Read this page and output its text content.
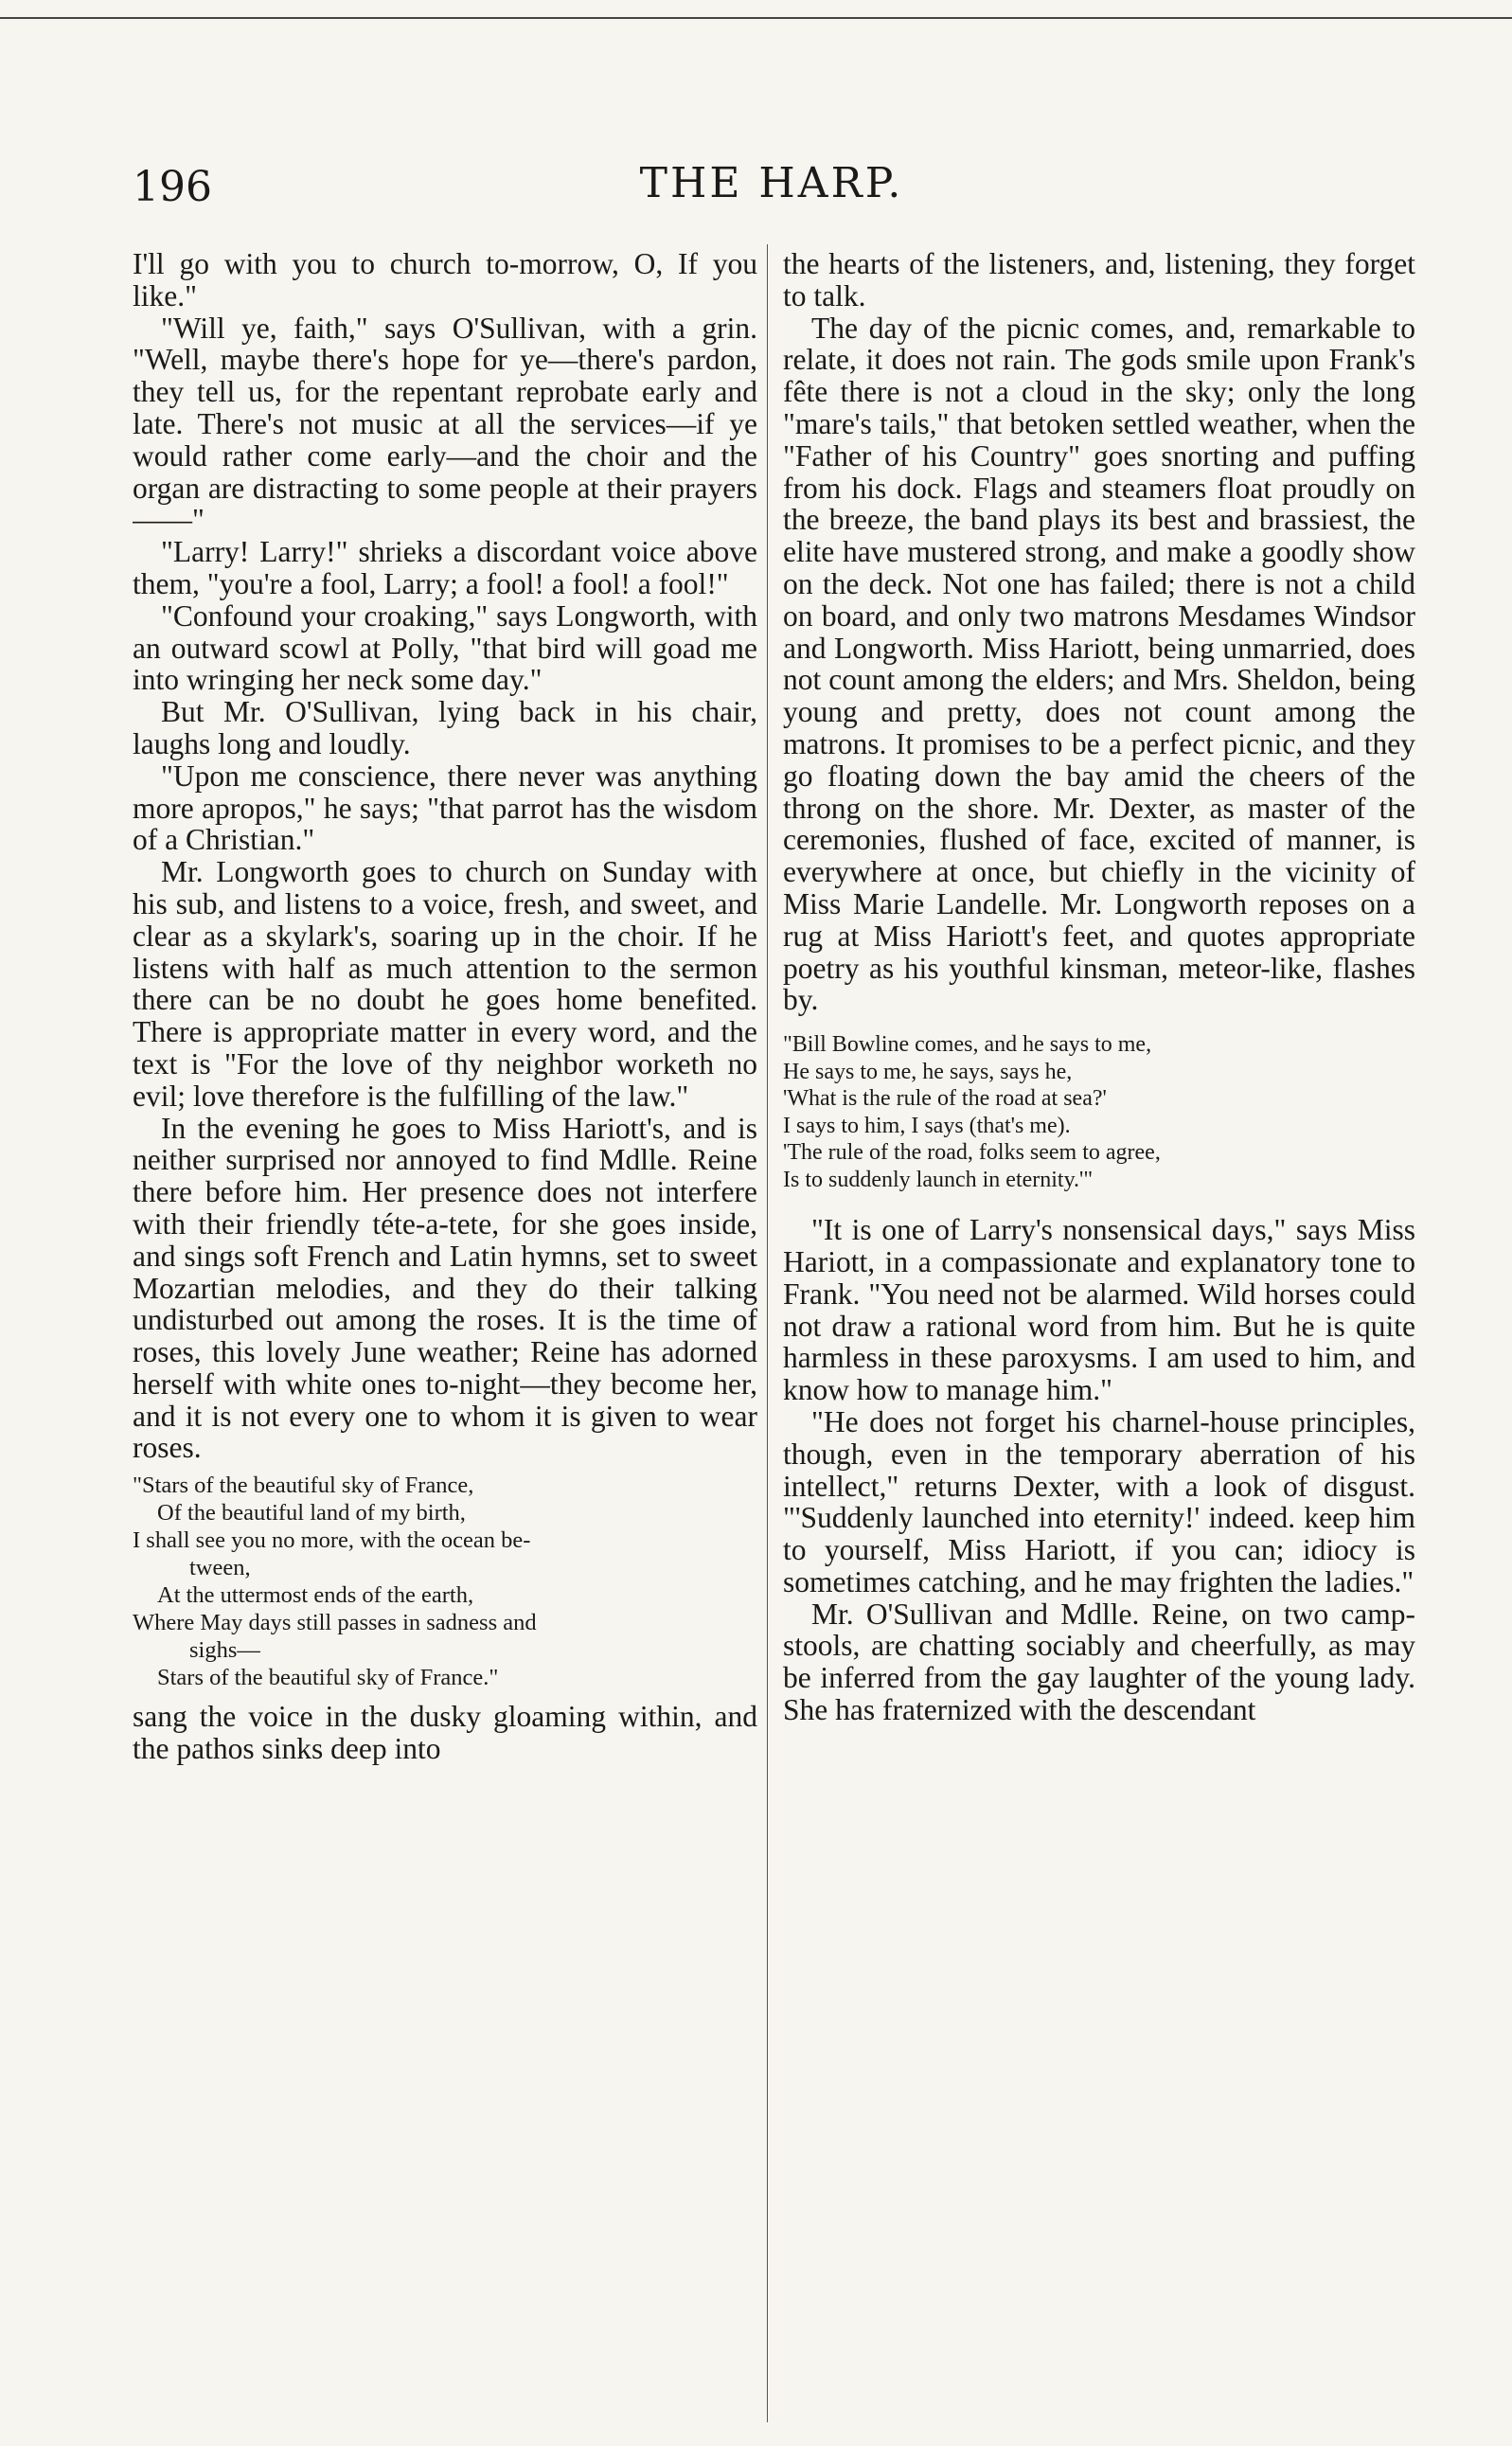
196	THE HARP.

I'll go with you to church to-morrow, O, If you like."

"Will ye, faith," says O'Sullivan, with a grin. "Well, maybe there's hope for ye—there's pardon, they tell us, for the repentant reprobate early and late. There's not music at all the services—if ye would rather come early—and the choir and the organ are distracting to some people at their prayers ——"

"Larry! Larry!" shrieks a discordant voice above them, "you're a fool, Larry; a fool! a fool! a fool!"

"Confound your croaking," says Longworth, with an outward scowl at Polly, "that bird will goad me into wringing her neck some day."

But Mr. O'Sullivan, lying back in his chair, laughs long and loudly.

"Upon me conscience, there never was anything more apropos," he says; "that parrot has the wisdom of a Christian."

Mr. Longworth goes to church on Sunday with his sub, and listens to a voice, fresh, and sweet, and clear as a skylark's, soaring up in the choir. If he listens with half as much attention to the sermon there can be no doubt he goes home benefited. There is appropriate matter in every word, and the text is "For the love of thy neighbor worketh no evil; love therefore is the fulfilling of the law."

In the evening he goes to Miss Hariott's, and is neither surprised nor annoyed to find Mdlle. Reine there before him. Her presence does not interfere with their friendly téte-a-tete, for she goes inside, and sings soft French and Latin hymns, set to sweet Mozartian melodies, and they do their talking undisturbed out among the roses. It is the time of roses, this lovely June weather; Reine has adorned herself with white ones to-night—they become her, and it is not every one to whom it is given to wear roses.

"Stars of the beautiful sky of France,
Of the beautiful land of my birth,
I shall see you no more, with the ocean be-
tween,
At the uttermost ends of the earth,
Where May days still passes in sadness and
sighs—
Stars of the beautiful sky of France."

sang the voice in the dusky gloaming within, and the pathos sinks deep into

the hearts of the listeners, and, listening, they forget to talk.

The day of the picnic comes, and, remarkable to relate, it does not rain. The gods smile upon Frank's fête there is not a cloud in the sky; only the long "mare's tails," that betoken settled weather, when the "Father of his Country" goes snorting and puffing from his dock. Flags and steamers float proudly on the breeze, the band plays its best and brassiest, the elite have mustered strong, and make a goodly show on the deck. Not one has failed; there is not a child on board, and only two matrons Mesdames Windsor and Longworth. Miss Hariott, being unmarried, does not count among the elders; and Mrs. Sheldon, being young and pretty, does not count among the matrons. It promises to be a perfect picnic, and they go floating down the bay amid the cheers of the throng on the shore. Mr. Dexter, as master of the ceremonies, flushed of face, excited of manner, is everywhere at once, but chiefly in the vicinity of Miss Marie Landelle. Mr. Longworth reposes on a rug at Miss Hariott's feet, and quotes appropriate poetry as his youthful kinsman, meteor-like, flashes by.

"Bill Bowline comes, and he says to me,
He says to me, he says, says he,
'What is the rule of the road at sea?'
I says to him, I says (that's me).
'The rule of the road, folks seem to agree,
Is to suddenly launch in eternity.'"

"It is one of Larry's nonsensical days," says Miss Hariott, in a compassionate and explanatory tone to Frank. "You need not be alarmed. Wild horses could not draw a rational word from him. But he is quite harmless in these paroxysms. I am used to him, and know how to manage him."

"He does not forget his charnel-house principles, though, even in the temporary aberration of his intellect," returns Dexter, with a look of disgust. "'Suddenly launched into eternity!' indeed. keep him to yourself, Miss Hariott, if you can; idiocy is sometimes catching, and he may frighten the ladies."

Mr. O'Sullivan and Mdlle. Reine, on two camp-stools, are chatting sociably and cheerfully, as may be inferred from the gay laughter of the young lady. She has fraternized with the descendant
